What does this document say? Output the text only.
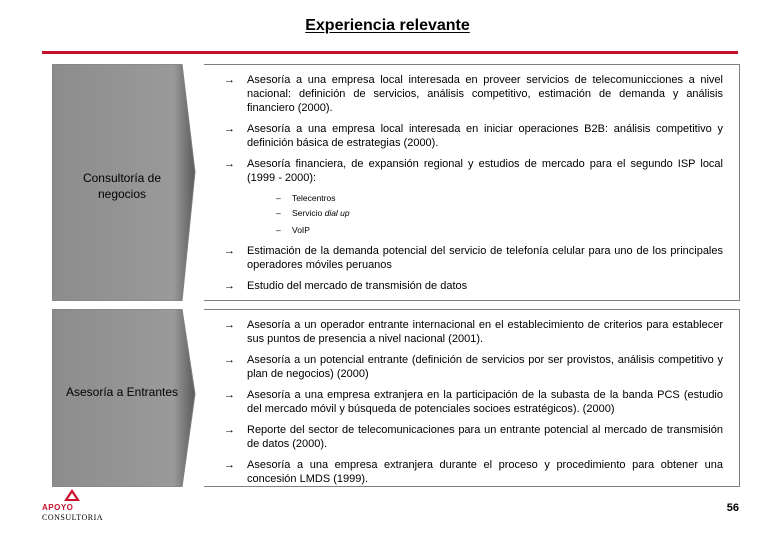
Experiencia relevante
Consultoría de negocios
→ Asesoría a una empresa local interesada en proveer servicios de telecomunicciones a nivel nacional: definición de servicios, análisis competitivo, estimación de demanda y análisis financiero (2000).
→ Asesoría a una empresa local interesada en iniciar operaciones B2B: análisis competitivo y definición básica de estrategias (2000).
→ Asesoría financiera, de expansión regional y estudios de mercado para el segundo ISP local (1999 - 2000):
– Telecentros
– Servicio dial up
– VoIP
→ Estimación de la demanda potencial del servicio de telefonía celular para uno de los principales operadores móviles peruanos
→ Estudio del mercado de transmisión de datos
Asesoría a Entrantes
→ Asesoría a un operador entrante internacional en el establecimiento de criterios para establecer sus puntos de presencia a nivel nacional (2001).
→ Asesoría a un potencial entrante (definición de servicios por ser provistos, análisis competitivo y plan de negocios) (2000)
→ Asesoría a una empresa extranjera en la participación de la subasta de la banda PCS (estudio del mercado móvil y búsqueda de potenciales socioes estratégicos). (2000)
→ Reporte del sector de telecomunicaciones para un entrante potencial al mercado de transmisión de datos (2000).
→ Asesoría a una empresa extranjera durante el proceso y procedimiento para obtener una concesión LMDS (1999).
APOYO
CONSULTORIA
56
